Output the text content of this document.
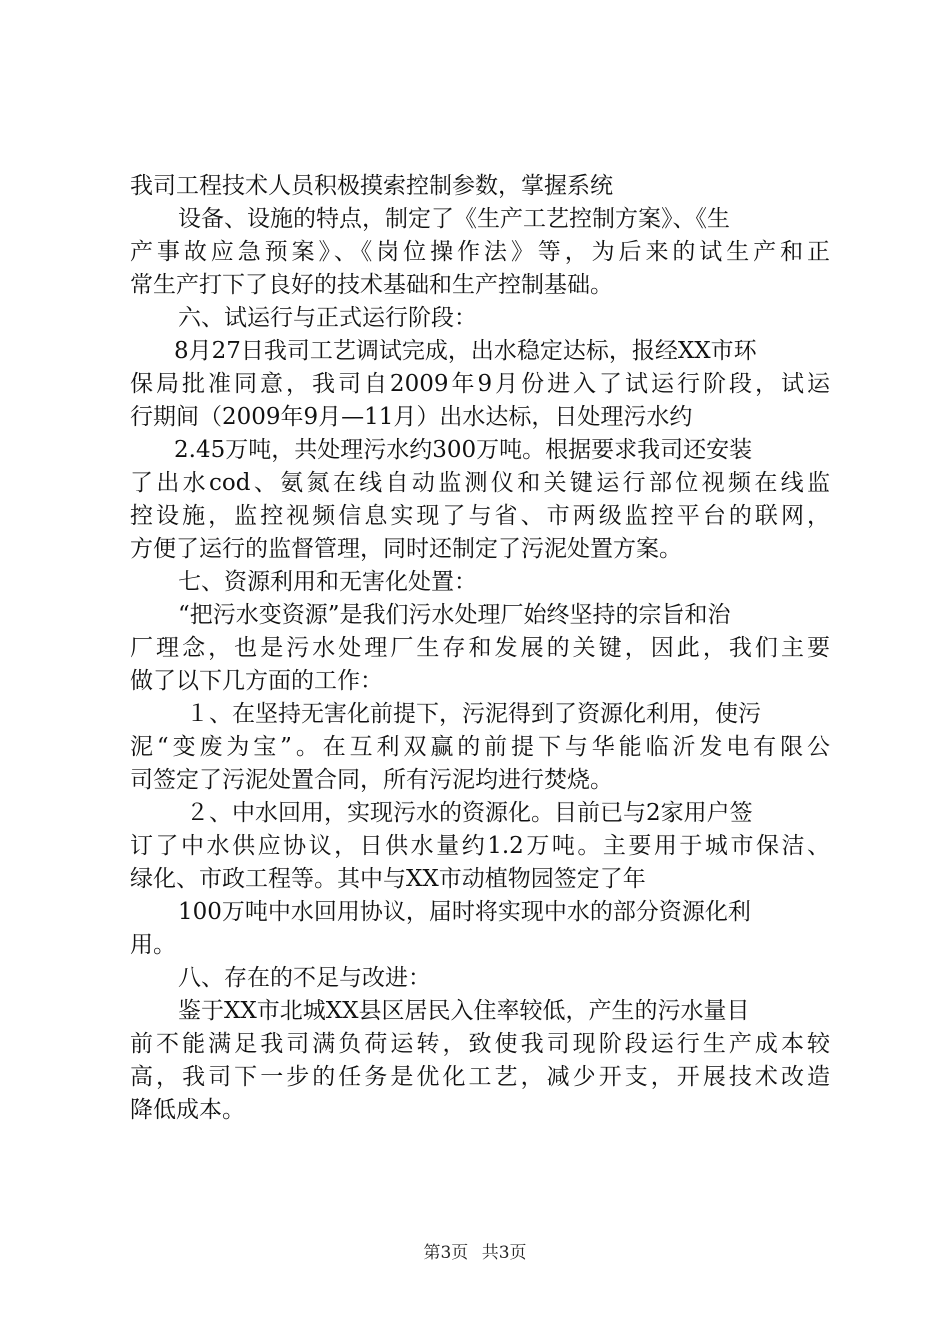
我司工程技术人员积极摸索控制参数，掌握系统
设备、设施的特点，制定了《生产工艺控制方案》、《生
产事故应急预案》、《岗位操作法》等，为后来的试生产和正
常生产打下了良好的技术基础和生产控制基础。
六、试运行与正式运行阶段：
8月27日我司工艺调试完成，出水稳定达标，报经XX市环
保局批准同意，我司自2009年9月份进入了试运行阶段，试运
行期间（2009年9月—11月）出水达标，日处理污水约
2.45万吨，共处理污水约300万吨。根据要求我司还安装
了出水cod、氨氮在线自动监测仪和关键运行部位视频在线监
控设施，监控视频信息实现了与省、市两级监控平台的联网，
方便了运行的监督管理，同时还制定了污泥处置方案。
七、资源利用和无害化处置：
“把污水变资源”是我们污水处理厂始终坚持的宗旨和治
厂理念，也是污水处理厂生存和发展的关键，因此，我们主要
做了以下几方面的工作：
１、在坚持无害化前提下，污泥得到了资源化利用，使污
泥“变废为宝”。在互利双赢的前提下与华能临沂发电有限公
司签定了污泥处置合同，所有污泥均进行焚烧。
２、中水回用，实现污水的资源化。目前已与2家用户签
订了中水供应协议，日供水量约1.2万吨。主要用于城市保洁、
绿化、市政工程等。其中与XX市动植物园签定了年
100万吨中水回用协议，届时将实现中水的部分资源化利
用。
八、存在的不足与改进：
鉴于XX市北城XX县区居民入住率较低，产生的污水量目
前不能满足我司满负荷运转，致使我司现阶段运行生产成本较
高，我司下一步的任务是优化工艺，减少开支，开展技术改造
降低成本。
第3页 共3页
